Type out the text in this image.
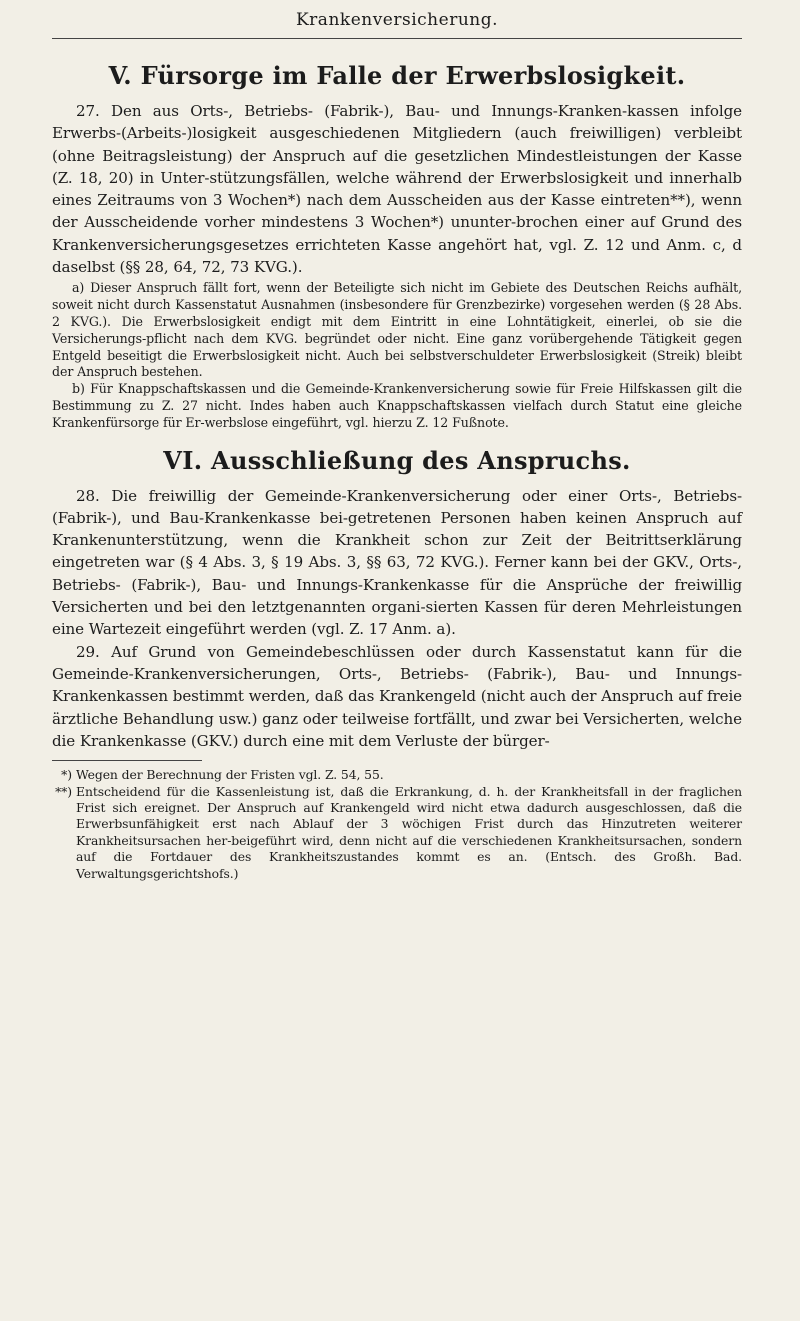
Krankenversicherung.
V. Fürsorge im Falle der Erwerbslosigkeit.

27. Den aus Orts-, Betriebs- (Fabrik-), Bau- und Innungs-Kranken-kassen infolge Erwerbs-(Arbeits-)losigkeit ausgeschiedenen Mitgliedern (auch freiwilligen) verbleibt (ohne Beitragsleistung) der Anspruch auf die gesetzlichen Mindestleistungen der Kasse (Z. 18, 20) in Unter-stützungsfällen, welche während der Erwerbslosigkeit und innerhalb eines Zeitraums von 3 Wochen*) nach dem Ausscheiden aus der Kasse eintreten**), wenn der Ausscheidende vorher mindestens 3 Wochen*) ununter-brochen einer auf Grund des Krankenversicherungsgesetzes errichteten Kasse angehört hat, vgl. Z. 12 und Anm. c, d daselbst (§§ 28, 64, 72, 73 KVG.).

a) Dieser Anspruch fällt fort, wenn der Beteiligte sich nicht im Gebiete des Deutschen Reichs aufhält, soweit nicht durch Kassenstatut Ausnahmen (insbesondere für Grenzbezirke) vorgesehen werden (§ 28 Abs. 2 KVG.). Die Erwerbslosigkeit endigt mit dem Eintritt in eine Lohntätigkeit, einerlei, ob sie die Versicherungs-pflicht nach dem KVG. begründet oder nicht. Eine ganz vorübergehende Tätigkeit gegen Entgeld beseitigt die Erwerbslosigkeit nicht. Auch bei selbstverschuldeter Erwerbslosigkeit (Streik) bleibt der Anspruch bestehen.

b) Für Knappschaftskassen und die Gemeinde-Krankenversicherung sowie für Freie Hilfskassen gilt die Bestimmung zu Z. 27 nicht. Indes haben auch Knappschaftskassen vielfach durch Statut eine gleiche Krankenfürsorge für Er-werbslose eingeführt, vgl. hierzu Z. 12 Fußnote.

VI. Ausschließung des Anspruchs.

28. Die freiwillig der Gemeinde-Krankenversicherung oder einer Orts-, Betriebs- (Fabrik-), und Bau-Krankenkasse bei-getretenen Personen haben keinen Anspruch auf Krankenunterstützung, wenn die Krankheit schon zur Zeit der Beitrittserklärung eingetreten war (§ 4 Abs. 3, § 19 Abs. 3, §§ 63, 72 KVG.). Ferner kann bei der GKV., Orts-, Betriebs- (Fabrik-), Bau- und Innungs-Krankenkasse für die Ansprüche der freiwillig Versicherten und bei den letztgenannten organi-sierten Kassen für deren Mehrleistungen eine Wartezeit eingeführt werden (vgl. Z. 17 Anm. a).

29. Auf Grund von Gemeindebeschlüssen oder durch Kassenstatut kann für die Gemeinde-Krankenversicherungen, Orts-, Betriebs- (Fabrik-), Bau- und Innungs-Krankenkassen bestimmt werden, daß das Krankengeld (nicht auch der Anspruch auf freie ärztliche Behandlung usw.) ganz oder teilweise fortfällt, und zwar bei Versicherten, welche die Krankenkasse (GKV.) durch eine mit dem Verluste der bürger-

*) Wegen der Berechnung der Fristen vgl. Z. 54, 55.

**) Entscheidend für die Kassenleistung ist, daß die Erkrankung, d. h. der Krankheitsfall in der fraglichen Frist sich ereignet. Der Anspruch auf Krankengeld wird nicht etwa dadurch ausgeschlossen, daß die Erwerbsunfähigkeit erst nach Ablauf der 3 wöchigen Frist durch das Hinzutreten weiterer Krankheitsursachen her-beigeführt wird, denn nicht auf die verschiedenen Krankheitsursachen, sondern auf die Fortdauer des Krankheitszustandes kommt es an. (Entsch. des Großh. Bad. Verwaltungsgerichtshofs.)
